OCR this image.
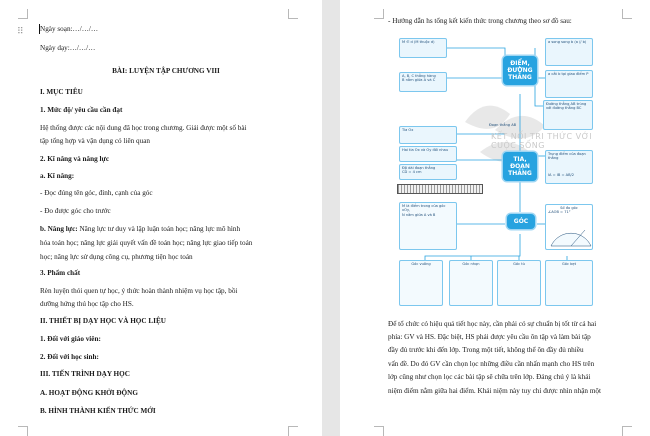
⠿ Ngày soạn:…/…/…
Ngày dạy:…/…/…
BÀI: LUYỆN TẬP CHƯƠNG VIII
I. MỤC TIÊU
1. Mức độ/ yêu cầu cần đạt
Hệ thống được các nội dung đã học trong chương. Giải được một số bài
tập tổng hợp và vận dụng có liên quan
2. Kĩ năng và năng lực
a. Kĩ năng:
- Đọc đúng tên góc, đỉnh, cạnh của góc
- Đo được góc cho trước
b. Năng lực: Năng lực tư duy và lập luận toán học; năng lực mô hình
hóa toán học; năng lực giải quyết vấn đề toán học; năng lực giao tiếp toán
học; năng lực sử dụng công cụ, phương tiện học toán
3. Phẩm chất
Rèn luyện thói quen tự học, ý thức hoàn thành nhiệm vụ học tập, bồi
dưỡng hứng thú học tập cho HS.
II. THIẾT BỊ DẠY HỌC VÀ HỌC LIỆU
1. Đối với giáo viên:
2. Đối với học sinh:
III. TIẾN TRÌNH DẠY HỌC
A. HOẠT ĐỘNG KHỞI ĐỘNG
B. HÌNH THÀNH KIẾN THỨC MỚI
- Hướng dẫn hs tổng kết kiến thức trong chương theo sơ đồ sau:
KẾT NỐI TRI THỨC VỚI CUỘC SỐNG
ĐIỂM,
ĐƯỜNG THẲNG
TIA,
ĐOẠN THẲNG
GÓC
M ∈ d (M thuộc d)	a song song b (a // b)
A, B, C thẳng hàng
B nằm giữa A và C
a cắt b tại giao điểm P
Đường thẳng AB trùng
với đường thẳng BC
Đoạn thẳng AB
Tia Ox
Hai tia Ox và Oy đối nhau
Trung điểm của đoạn thẳng
IA = IB = AB/2
Độ dài đoạn thẳng
CD = 4 cm
M là điểm trong của góc xOy,
N nằm giữa A và B
Số đo góc
∠AOB = 71°
Góc vuông	Góc nhọn	Góc tù	Góc bẹt
Để tổ chức có hiệu quả tiết học này, cần phải có sự chuẩn bị tốt từ cả hai
phía: GV và HS. Đặc biệt, HS phải được yêu cầu ôn tập và làm bài tập
đầy đủ trước khi đến lớp. Trong một tiết, không thể ôn đầy đủ nhiều
vấn đề. Do đó GV cần chọn lọc những điều cần nhấn mạnh cho HS trên
lớp cũng như chọn lọc các bài tập sẽ chữa trên lớp. Đáng chú ý là khái
niệm điểm nằm giữa hai điểm. Khái niệm này tuy chỉ được nhìn nhận một
